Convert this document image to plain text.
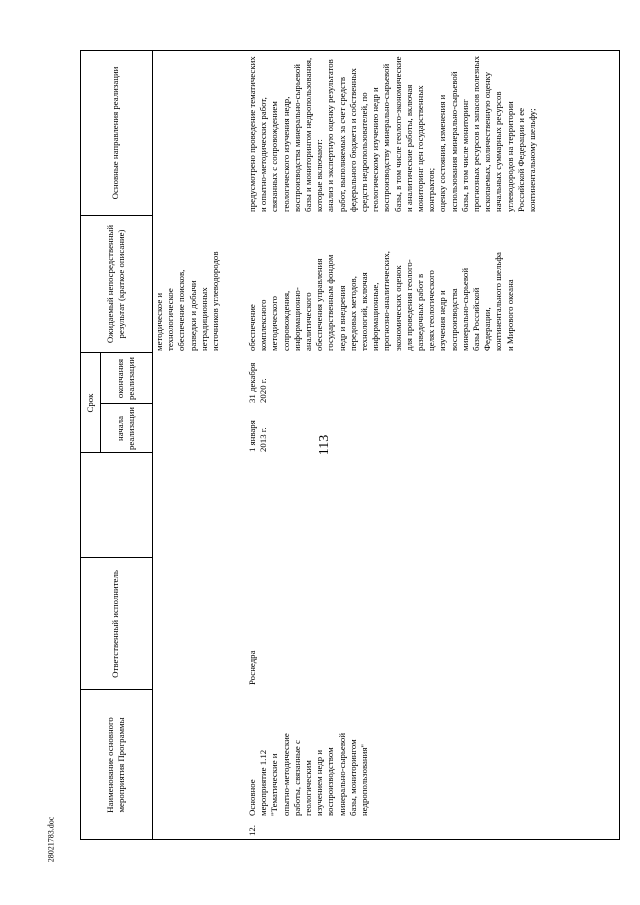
113
28021783.doc
Наименование основного мероприятия Программы
Ответственный исполнитель
Срок
начала реализации
окончания реализации
Ожидаемый непосредственный результат (краткое описание)
Основные направления реализации
методическое и
технологическое
обеспечение поисков,
разведки и добычи
нетрадиционных
источников углеводородов
12.
Основное
мероприятие 1.12
"Тематические и
опытно-методические
работы, связанные с
геологическим
изучением недр и
воспроизводством
минерально-сырьевой
базы, мониторингом
недропользования"
Роснедра
1 января
2013 г.
31 декабря
2020 г.
обеспечение
комплексного
методического
сопровождения,
информационно-
аналитического
обеспечения управления
государственным фондом
недр и внедрения
передовых методов,
технологий, включая
информационные,
прогнозно-аналитических,
экономических оценок
для проведения геолого-
разведочных работ в
целях геологического
изучения недр и
воспроизводства
минерально-сырьевой
базы Российской
Федерации,
континентального шельфа
и Мирового океана
предусмотрено проведение тематических
и опытно-методических работ,
связанных с сопровождением
геологического изучения недр,
воспроизводства минерально-сырьевой
базы и мониторингом недропользования,
которые включают:
анализ и экспертную оценку результатов
работ, выполняемых за счет средств
федерального бюджета и собственных
средств недропользователей, по
геологическому изучению недр и
воспроизводству минерально-сырьевой
базы, в том числе геолого-экономические
и аналитические работы, включая
мониторинг цен государственных
контрактов;
оценку состояния, изменения и
использования минерально-сырьевой
базы, в том числе мониторинг
прогнозных ресурсов и запасов полезных
ископаемых, количественную оценку
начальных суммарных ресурсов
углеводородов на территории
Российской Федерации и ее
континентальному шельфу;
